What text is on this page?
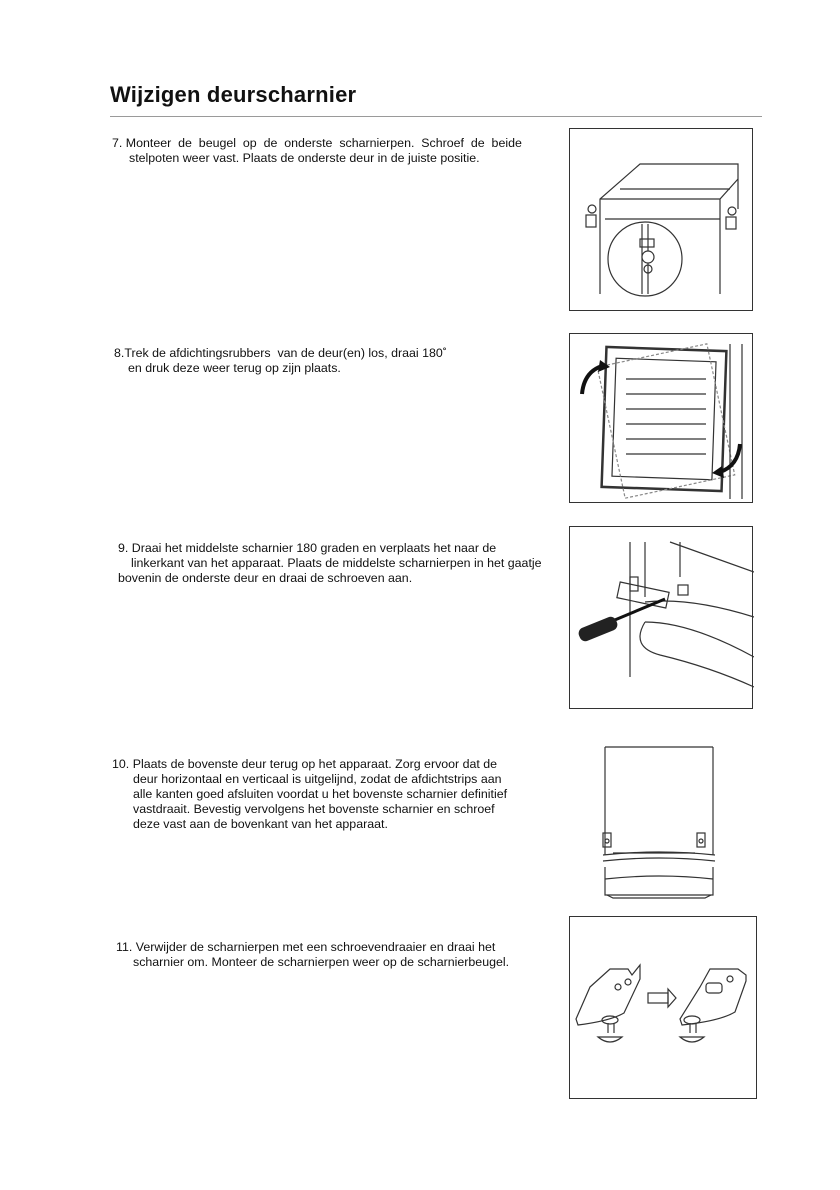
Wijzigen deurscharnier
7. Monteer  de  beugel  op  de  onderste  scharnierpen.  Schroef  de  beide
stelpoten weer vast. Plaats de onderste deur in de juiste positie.
8.Trek de afdichtingsrubbers  van de deur(en) los, draai 180˚
en druk deze weer terug op zijn plaats.
9. Draai het middelste scharnier 180 graden en verplaats het naar de
linkerkant van het apparaat. Plaats de middelste scharnierpen in het gaatje
bovenin de onderste deur en draai de schroeven aan.
10. Plaats de bovenste deur terug op het apparaat. Zorg ervoor dat de
deur horizontaal en verticaal is uitgelijnd, zodat de afdichtstrips aan
alle kanten goed afsluiten voordat u het bovenste scharnier definitief
vastdraait. Bevestig vervolgens het bovenste scharnier en schroef
deze vast aan de bovenkant van het apparaat.
11. Verwijder de scharnierpen met een schroevendraaier en draai het
scharnier om. Monteer de scharnierpen weer op de scharnierbeugel.
